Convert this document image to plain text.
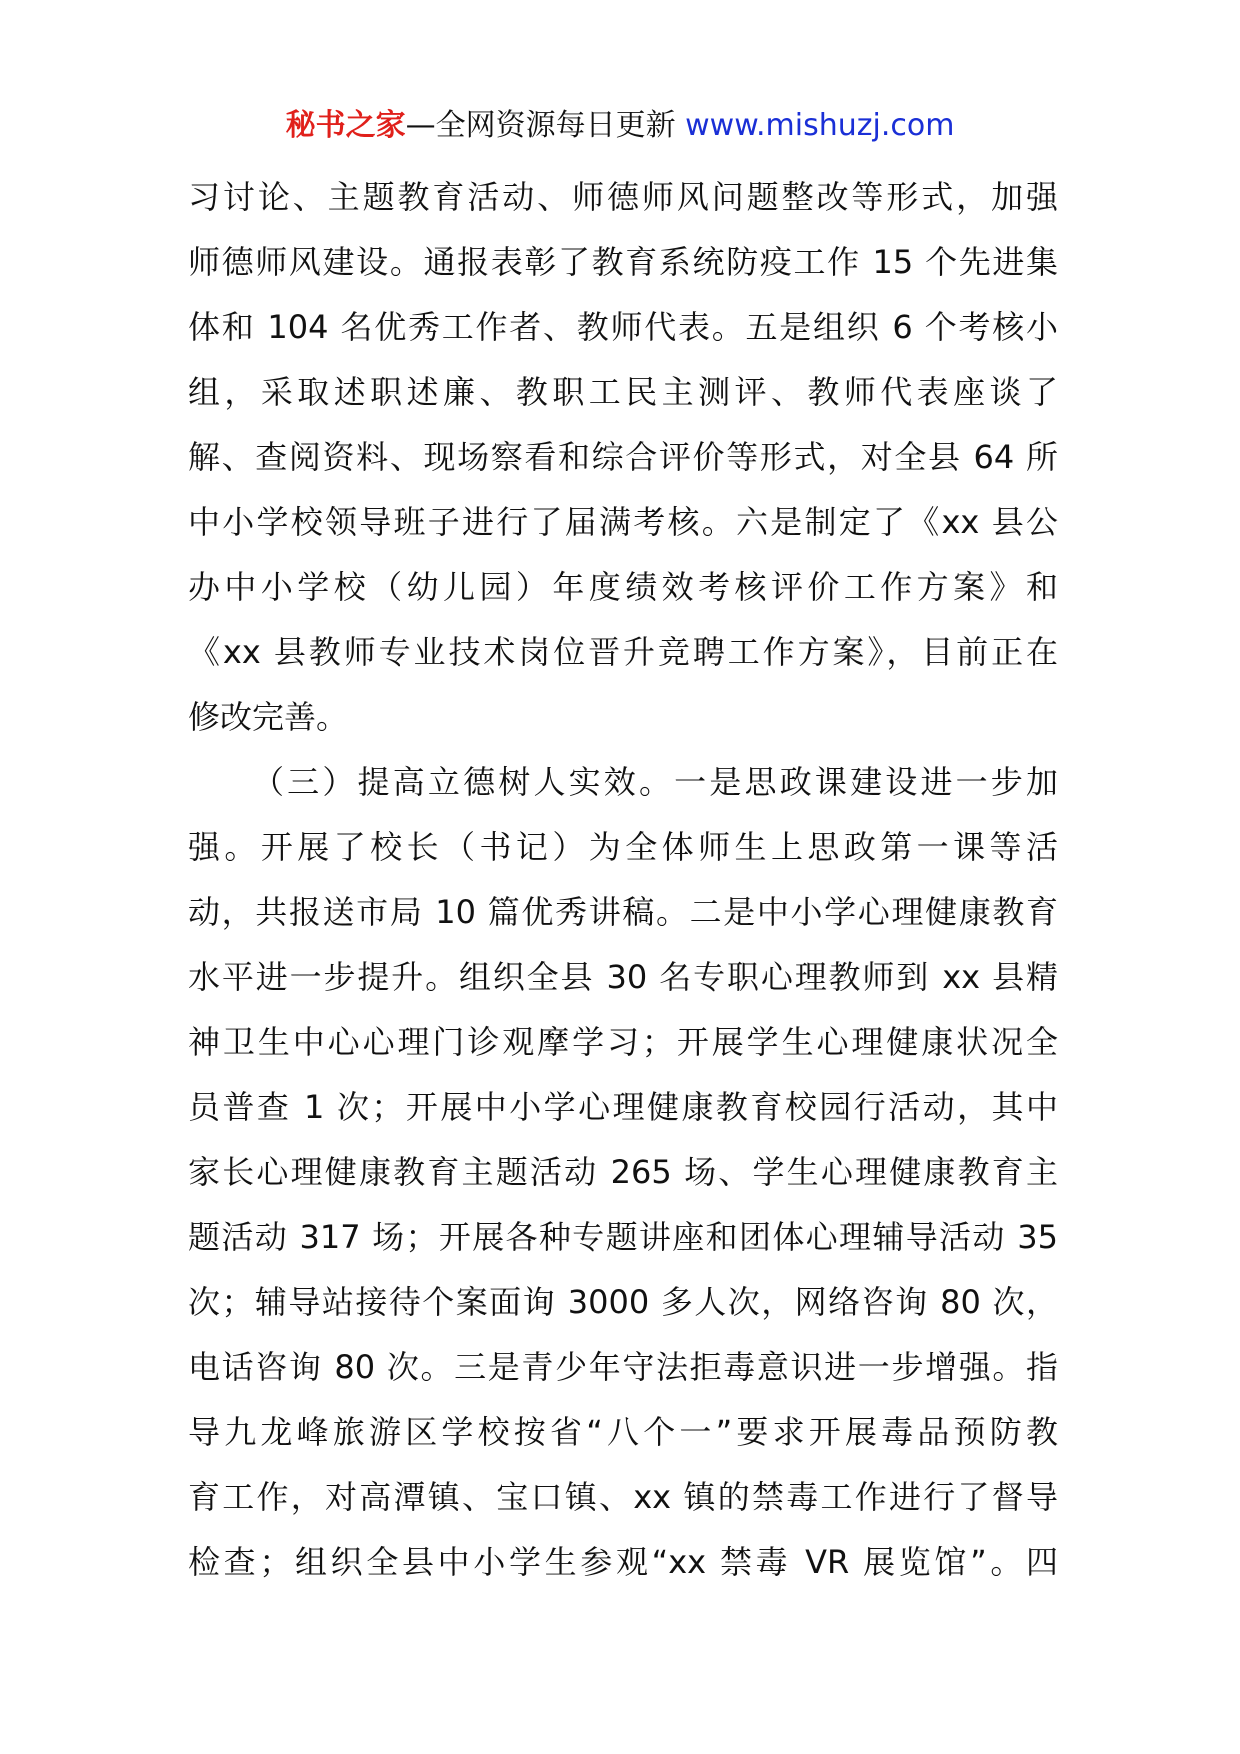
秘书之家—全网资源每日更新 www.mishuzj.com
习讨论、主题教育活动、师德师风问题整改等形式，加强
师德师风建设。通报表彰了教育系统防疫工作 15 个先进集
体和 104 名优秀工作者、教师代表。五是组织 6 个考核小
组，采取述职述廉、教职工民主测评、教师代表座谈了
解、查阅资料、现场察看和综合评价等形式，对全县 64 所
中小学校领导班子进行了届满考核。六是制定了《xx 县公
办中小学校（幼儿园）年度绩效考核评价工作方案》和
《xx 县教师专业技术岗位晋升竞聘工作方案》，目前正在
修改完善。
（三）提高立德树人实效。一是思政课建设进一步加
强。开展了校长（书记）为全体师生上思政第一课等活
动，共报送市局 10 篇优秀讲稿。二是中小学心理健康教育
水平进一步提升。组织全县 30 名专职心理教师到 xx 县精
神卫生中心心理门诊观摩学习；开展学生心理健康状况全
员普查 1 次；开展中小学心理健康教育校园行活动，其中
家长心理健康教育主题活动 265 场、学生心理健康教育主
题活动 317 场；开展各种专题讲座和团体心理辅导活动 35
次；辅导站接待个案面询 3000 多人次，网络咨询 80 次，
电话咨询 80 次。三是青少年守法拒毒意识进一步增强。指
导九龙峰旅游区学校按省“八个一”要求开展毒品预防教
育工作，对高潭镇、宝口镇、xx 镇的禁毒工作进行了督导
检查；组织全县中小学生参观“xx 禁毒 VR 展览馆”。四
